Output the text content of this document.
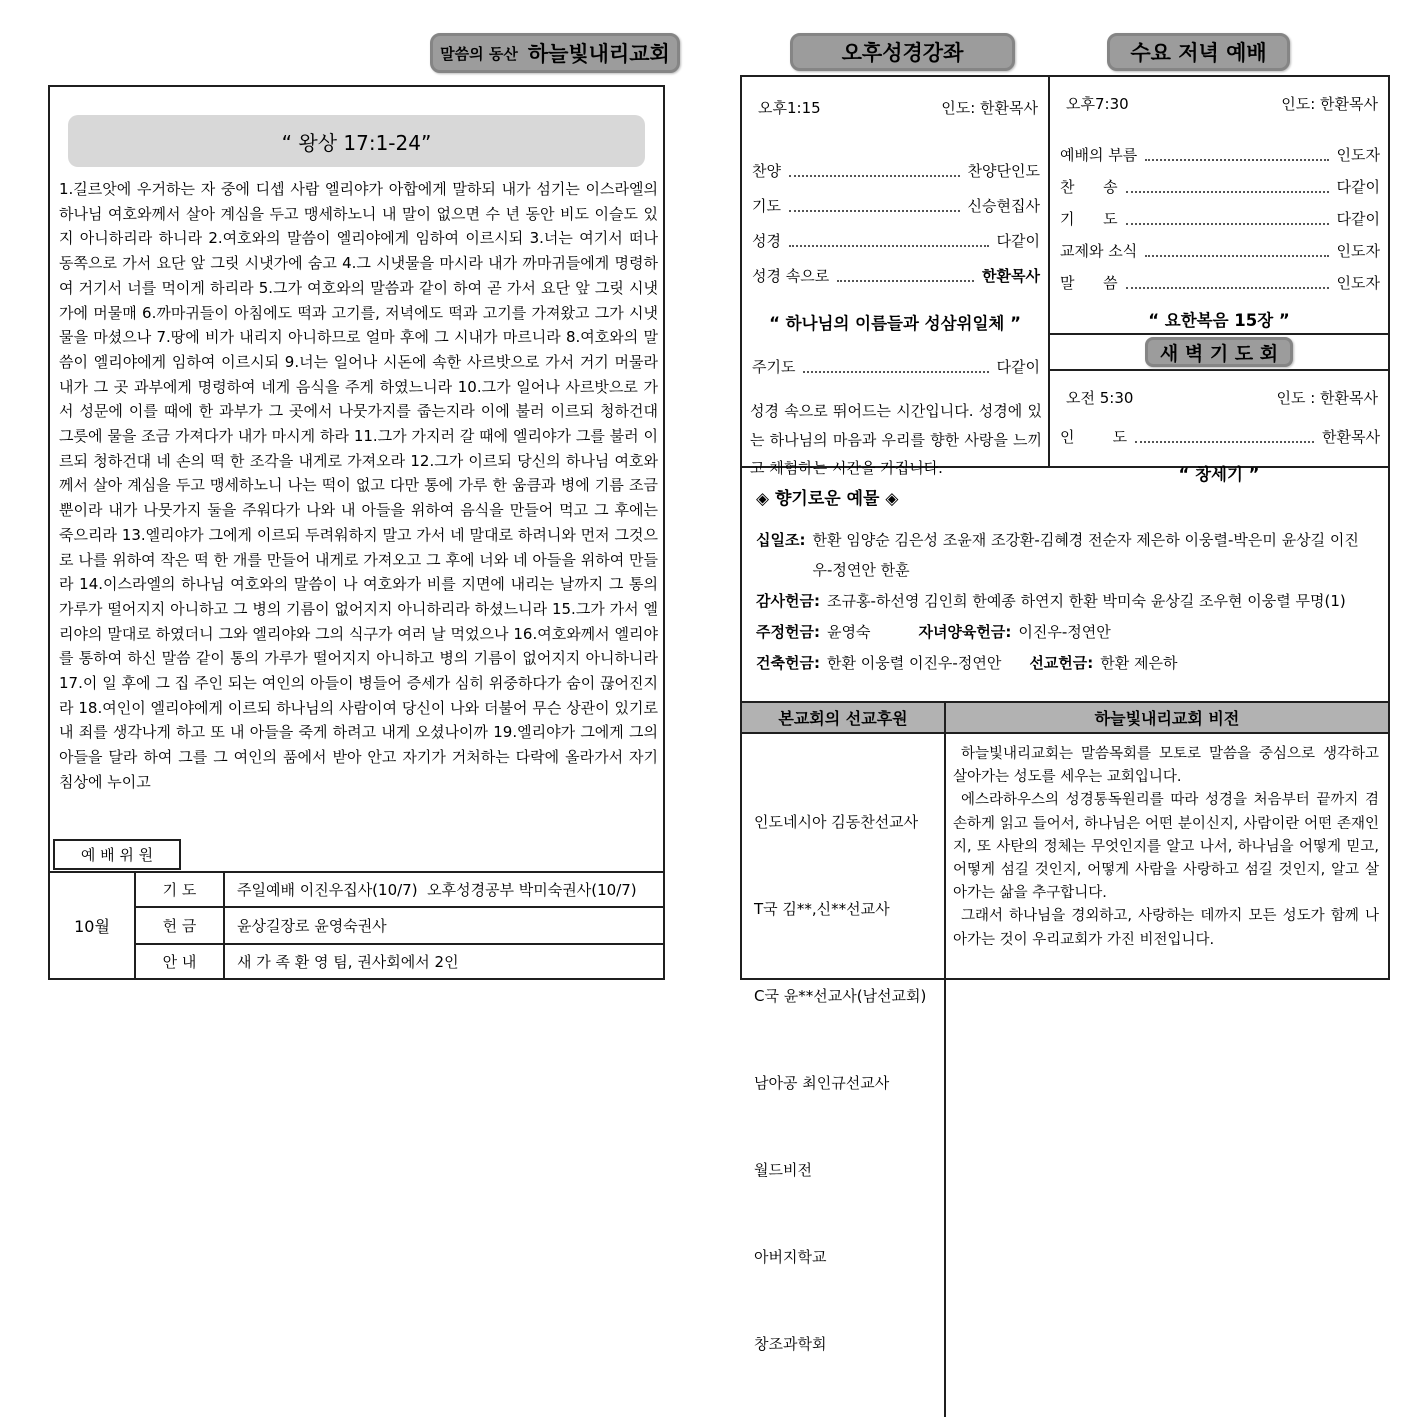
말씀의 동산 하늘빛내리교회	오후성경강좌	수요 저녁 예배
“ 왕상 17:1-24”
1.길르앗에 우거하는 자 중에 디셉 사람 엘리야가 아합에게 말하되 내가 섬기는 이스라엘의 하나님 여호와께서 살아 계심을 두고 맹세하노니 내 말이 없으면 수 년 동안 비도 이슬도 있지 아니하리라 하니라 2.여호와의 말씀이 엘리야에게 임하여 이르시되 3.너는 여기서 떠나 동쪽으로 가서 요단 앞 그릿 시냇가에 숨고 4.그 시냇물을 마시라 내가 까마귀들에게 명령하여 거기서 너를 먹이게 하리라 5.그가 여호와의 말씀과 같이 하여 곧 가서 요단 앞 그릿 시냇가에 머물매 6.까마귀들이 아침에도 떡과 고기를, 저녁에도 떡과 고기를 가져왔고 그가 시냇물을 마셨으나 7.땅에 비가 내리지 아니하므로 얼마 후에 그 시내가 마르니라 8.여호와의 말씀이 엘리야에게 임하여 이르시되 9.너는 일어나 시돈에 속한 사르밧으로 가서 거기 머물라 내가 그 곳 과부에게 명령하여 네게 음식을 주게 하였느니라 10.그가 일어나 사르밧으로 가서 성문에 이를 때에 한 과부가 그 곳에서 나뭇가지를 줍는지라 이에 불러 이르되 청하건대 그릇에 물을 조금 가져다가 내가 마시게 하라 11.그가 가지러 갈 때에 엘리야가 그를 불러 이르되 청하건대 네 손의 떡 한 조각을 내게로 가져오라 12.그가 이르되 당신의 하나님 여호와께서 살아 계심을 두고 맹세하노니 나는 떡이 없고 다만 통에 가루 한 움큼과 병에 기름 조금 뿐이라 내가 나뭇가지 둘을 주워다가 나와 내 아들을 위하여 음식을 만들어 먹고 그 후에는 죽으리라 13.엘리야가 그에게 이르되 두려워하지 말고 가서 네 말대로 하려니와 먼저 그것으로 나를 위하여 작은 떡 한 개를 만들어 내게로 가져오고 그 후에 너와 네 아들을 위하여 만들라 14.이스라엘의 하나님 여호와의 말씀이 나 여호와가 비를 지면에 내리는 날까지 그 통의 가루가 떨어지지 아니하고 그 병의 기름이 없어지지 아니하리라 하셨느니라 15.그가 가서 엘리야의 말대로 하였더니 그와 엘리야와 그의 식구가 여러 날 먹었으나 16.여호와께서 엘리야를 통하여 하신 말씀 같이 통의 가루가 떨어지지 아니하고 병의 기름이 없어지지 아니하니라 17.이 일 후에 그 집 주인 되는 여인의 아들이 병들어 증세가 심히 위중하다가 숨이 끊어진지라 18.여인이 엘리야에게 이르되 하나님의 사람이여 당신이 나와 더불어 무슨 상관이 있기로 내 죄를 생각나게 하고 또 내 아들을 죽게 하려고 내게 오셨나이까 19.엘리야가 그에게 그의 아들을 달라 하여 그를 그 여인의 품에서 받아 안고 자기가 거처하는 다락에 올라가서 자기 침상에 누이고
예 배 위 원
10월	기 도	주일예배 이진우집사(10/7)  오후성경공부 박미숙권사(10/7)
	헌 금	윤상길장로 윤영숙권사
	안 내	새 가 족 환 영 팀, 권사회에서 2인
오후1:15	인도: 한환목사
찬양	찬양단인도
기도	신승현집사
성경	다같이
성경 속으로	한환목사
“ 하나님의 이름들과 성삼위일체 ”
주기도	다같이
성경 속으로 뛰어드는 시간입니다. 성경에 있는 하나님의 마음과 우리를 향한 사랑을 느끼고 체험하는 시간을 가집니다.
오후7:30	인도: 한환목사
예배의 부름	인도자
찬      송	다같이
기      도	다같이
교제와 소식	인도자
말      씀	인도자
“ 요한복음 15장 ”
새 벽 기 도 회
오전 5:30	인도 : 한환목사
인        도	한환목사
“ 창세기 ”
◈ 향기로운 예물 ◈
십일조: 한환 임양순 김은성 조윤재 조강환-김혜경 전순자 제은하 이웅렬-박은미 윤상길 이진우-정연안 한훈
감사헌금: 조규홍-하선영 김인희 한예종 하연지 한환 박미숙 윤상길 조우현 이웅렬 무명(1)
주정헌금: 윤영숙	자녀양육헌금: 이진우-정연안
건축헌금: 한환 이웅렬 이진우-정연안 선교헌금: 한환 제은하
본교회의 선교후원	하늘빛내리교회 비전

인도네시아 김동찬선교사

T국 김**,신**선교사

C국 윤**선교사(남선교회)

남아공 최인규선교사

월드비전

아버지학교

창조과학회

하늘빛내리교회는 말씀목회를 모토로 말씀을 중심으로 생각하고 살아가는 성도를 세우는 교회입니다.
에스라하우스의 성경통독원리를 따라 성경을 처음부터 끝까지 겸손하게 읽고 들어서, 하나님은 어떤 분이신지, 사람이란 어떤 존재인지, 또 사탄의 정체는 무엇인지를 알고 나서, 하나님을 어떻게 믿고, 어떻게 섬길 것인지, 어떻게 사람을 사랑하고 섬길 것인지, 알고 살아가는 삶을 추구합니다.
그래서 하나님을 경외하고, 사랑하는 데까지 모든 성도가 함께 나아가는 것이 우리교회가 가진 비전입니다.
